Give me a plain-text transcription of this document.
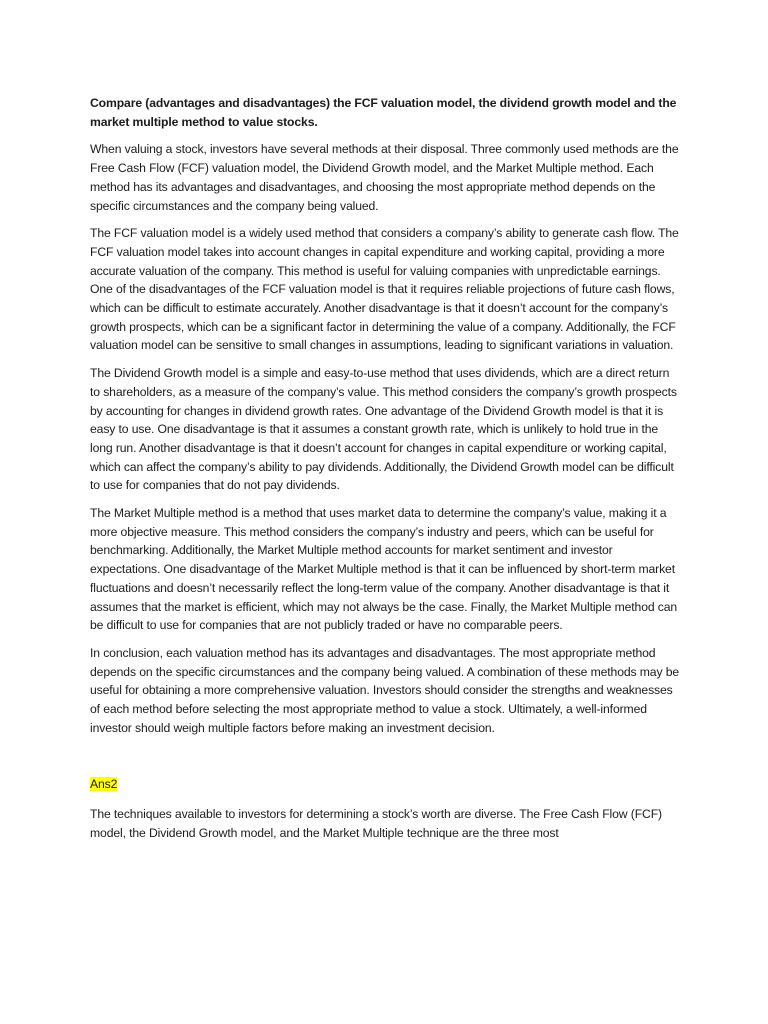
Compare (advantages and disadvantages) the FCF valuation model, the dividend growth model and the market multiple method to value stocks.

When valuing a stock, investors have several methods at their disposal. Three commonly used methods are the Free Cash Flow (FCF) valuation model, the Dividend Growth model, and the Market Multiple method. Each method has its advantages and disadvantages, and choosing the most appropriate method depends on the specific circumstances and the company being valued.

The FCF valuation model is a widely used method that considers a company’s ability to generate cash flow. The FCF valuation model takes into account changes in capital expenditure and working capital, providing a more accurate valuation of the company. This method is useful for valuing companies with unpredictable earnings. One of the disadvantages of the FCF valuation model is that it requires reliable projections of future cash flows, which can be difficult to estimate accurately. Another disadvantage is that it doesn’t account for the company’s growth prospects, which can be a significant factor in determining the value of a company. Additionally, the FCF valuation model can be sensitive to small changes in assumptions, leading to significant variations in valuation.

The Dividend Growth model is a simple and easy-to-use method that uses dividends, which are a direct return to shareholders, as a measure of the company’s value. This method considers the company’s growth prospects by accounting for changes in dividend growth rates. One advantage of the Dividend Growth model is that it is easy to use. One disadvantage is that it assumes a constant growth rate, which is unlikely to hold true in the long run. Another disadvantage is that it doesn’t account for changes in capital expenditure or working capital, which can affect the company’s ability to pay dividends. Additionally, the Dividend Growth model can be difficult to use for companies that do not pay dividends.

The Market Multiple method is a method that uses market data to determine the company’s value, making it a more objective measure. This method considers the company’s industry and peers, which can be useful for benchmarking. Additionally, the Market Multiple method accounts for market sentiment and investor expectations. One disadvantage of the Market Multiple method is that it can be influenced by short-term market fluctuations and doesn’t necessarily reflect the long-term value of the company. Another disadvantage is that it assumes that the market is efficient, which may not always be the case. Finally, the Market Multiple method can be difficult to use for companies that are not publicly traded or have no comparable peers.

In conclusion, each valuation method has its advantages and disadvantages. The most appropriate method depends on the specific circumstances and the company being valued. A combination of these methods may be useful for obtaining a more comprehensive valuation. Investors should consider the strengths and weaknesses of each method before selecting the most appropriate method to value a stock. Ultimately, a well-informed investor should weigh multiple factors before making an investment decision.

Ans2

The techniques available to investors for determining a stock’s worth are diverse. The Free Cash Flow (FCF) model, the Dividend Growth model, and the Market Multiple technique are the three most
